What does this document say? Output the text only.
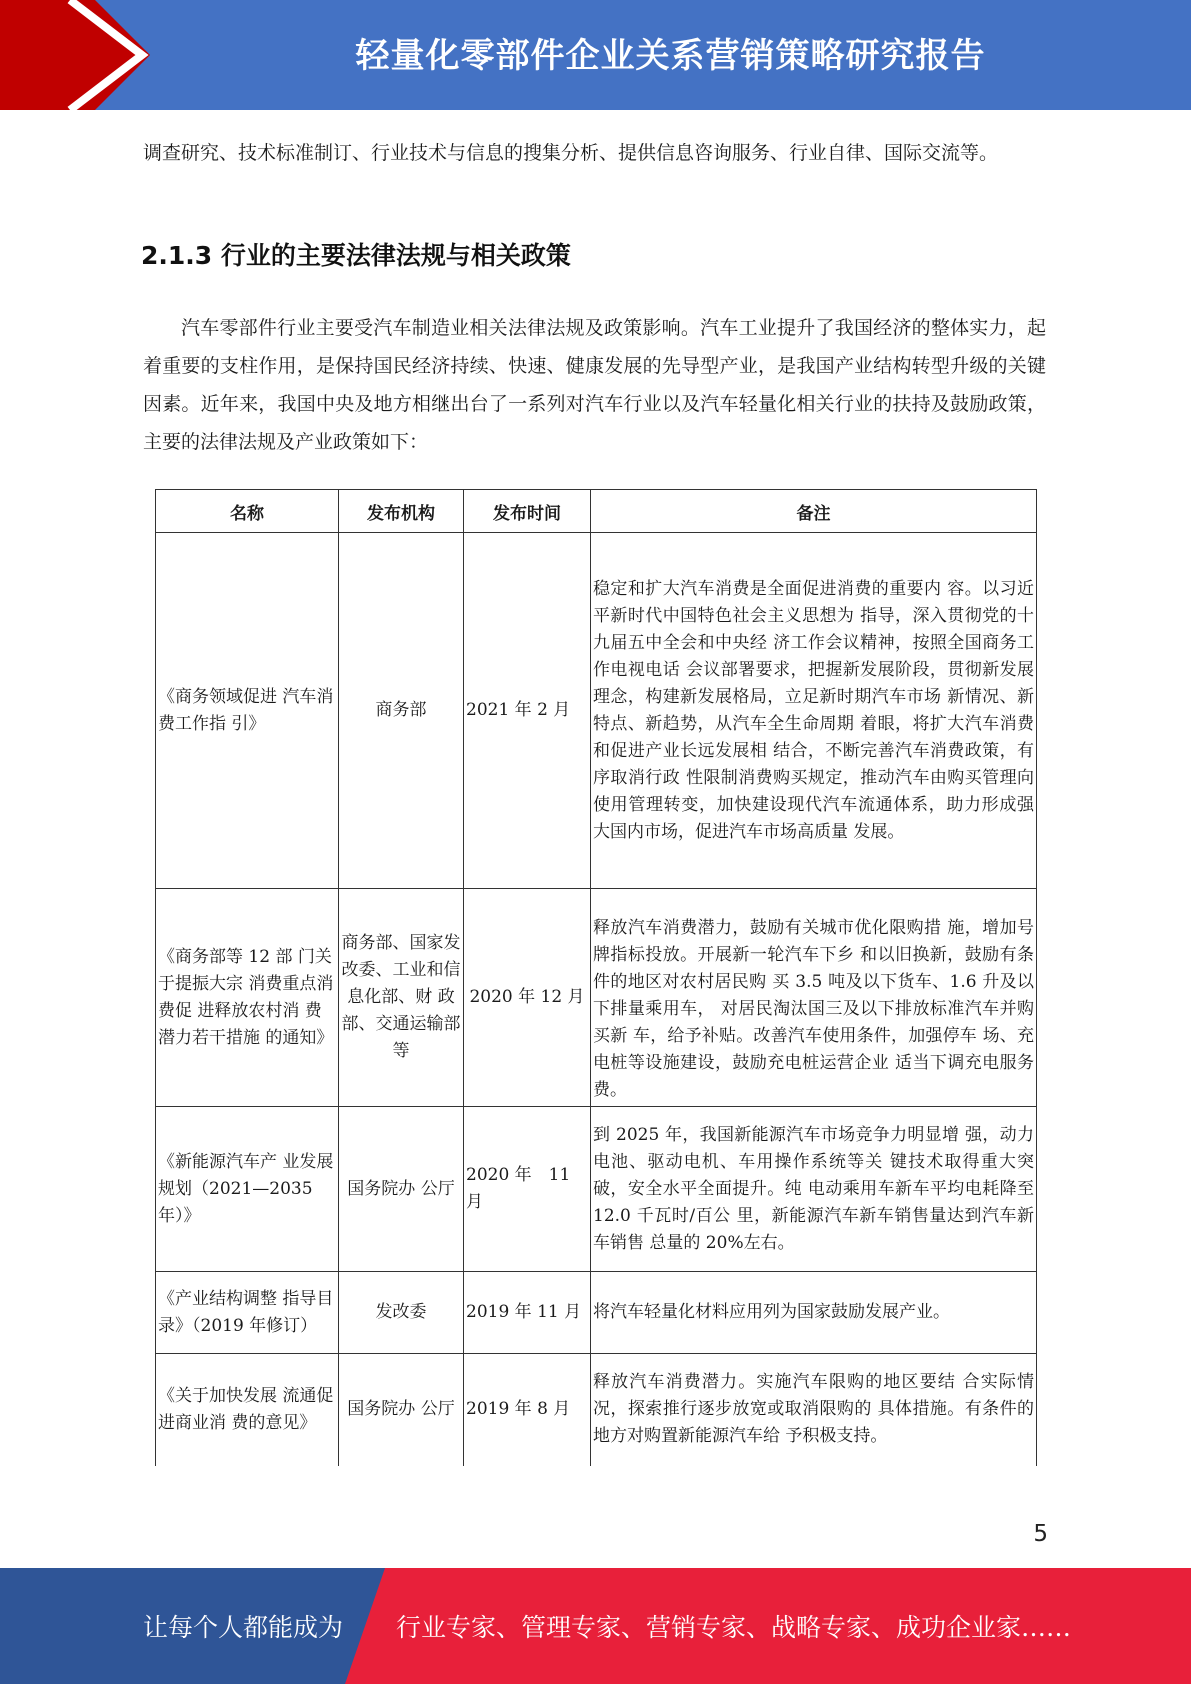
轻量化零部件企业关系营销策略研究报告
调查研究、技术标准制订、行业技术与信息的搜集分析、提供信息咨询服务、行业自律、国际交流等。
2.1.3 行业的主要法律法规与相关政策
汽车零部件行业主要受汽车制造业相关法律法规及政策影响。汽车工业提升了我国经济的整体实力，起着重要的支柱作用，是保持国民经济持续、快速、健康发展的先导型产业，是我国产业结构转型升级的关键因素。近年来，我国中央及地方相继出台了一系列对汽车行业以及汽车轻量化相关行业的扶持及鼓励政策，主要的法律法规及产业政策如下：
名称	发布机构	发布时间	备注
《商务领域促进 汽车消费工作指 引》	商务部	2021 年 2 月	稳定和扩大汽车消费是全面促进消费的重要内 容。以习近平新时代中国特色社会主义思想为 指导，深入贯彻党的十九届五中全会和中央经 济工作会议精神，按照全国商务工作电视电话 会议部署要求，把握新发展阶段，贯彻新发展 理念，构建新发展格局，立足新时期汽车市场 新情况、新特点、新趋势，从汽车全生命周期 着眼，将扩大汽车消费和促进产业长远发展相 结合，不断完善汽车消费政策，有序取消行政 性限制消费购买规定，推动汽车由购买管理向 使用管理转变，加快建设现代汽车流通体系，助力形成强大国内市场，促进汽车市场高质量 发展。
《商务部等 12 部 门关于提振大宗 消费重点消费促 进释放农村消 费潜力若干措施 的通知》	商务部、国家发改委、工业和信 息化部、财 政部、交通运输部等	2020 年 12 月	释放汽车消费潜力，鼓励有关城市优化限购措 施，增加号牌指标投放。开展新一轮汽车下乡 和以旧换新，鼓励有条件的地区对农村居民购 买 3.5 吨及以下货车、1.6 升及以下排量乘用车， 对居民淘汰国三及以下排放标准汽车并购买新 车，给予补贴。改善汽车使用条件，加强停车 场、充电桩等设施建设，鼓励充电桩运营企业 适当下调充电服务费。
《新能源汽车产 业发展规划（2021—2035 年）》	国务院办 公厅	2020 年　11 月	到 2025 年，我国新能源汽车市场竞争力明显增 强，动力电池、驱动电机、车用操作系统等关 键技术取得重大突破，安全水平全面提升。纯 电动乘用车新车平均电耗降至 12.0 千瓦时/百公 里，新能源汽车新车销售量达到汽车新车销售 总量的 20%左右。
《产业结构调整 指导目录》（2019 年修订）	发改委	2019 年 11 月	将汽车轻量化材料应用列为国家鼓励发展产业。
《关于加快发展 流通促进商业消 费的意见》	国务院办 公厅	2019 年 8 月	释放汽车消费潜力。实施汽车限购的地区要结 合实际情况，探索推行逐步放宽或取消限购的 具体措施。有条件的地方对购置新能源汽车给 予积极支持。
5
让每个人都能成为 行业专家、管理专家、营销专家、战略专家、成功企业家……
